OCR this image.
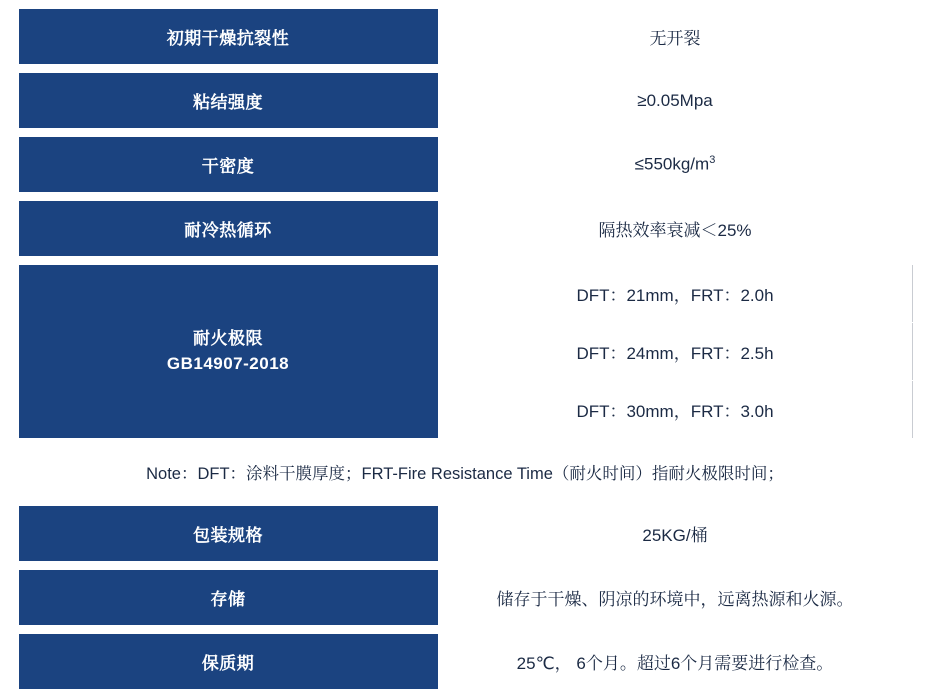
初期干燥抗裂性	无开裂

粘结强度	≥0.05Mpa

干密度	$\le 550kg/m^3$

耐冷热循环	隔热效率衰减＜25%

耐火极限
GB14907-2018	DFT：21mm，FRT：2.0h
	DFT：24mm，FRT：2.5h
	DFT：30mm，FRT：3.0h

Note：DFT：涂料干膜厚度；FRT-Fire Resistance Time（耐火时间）指耐火极限时间；	

包装规格	25KG/桶

存储	储存于干燥、阴凉的环境中，远离热源和火源。

保质期	25℃， 6个月。超过6个月需要进行检查。
